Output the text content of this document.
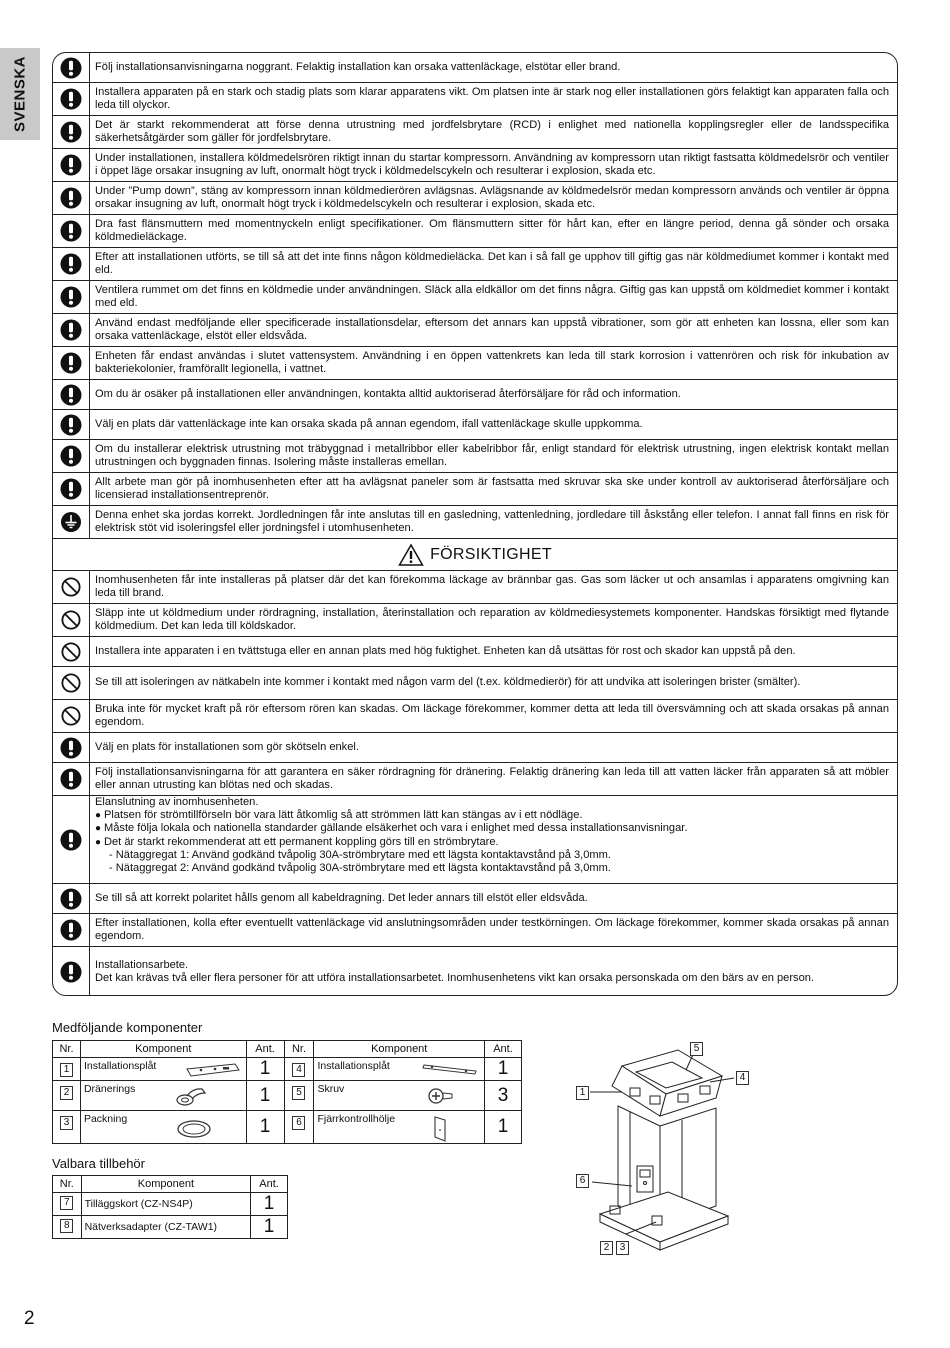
SVENSKA	Följ installationsanvisningarna noggrant. Felaktig installation kan orsaka vattenläckage, elstötar eller brand.
Installera apparaten på en stark och stadig plats som klarar apparatens vikt. Om platsen inte är stark nog eller installationen görs felaktigt kan apparaten falla och leda till olyckor.
Det är starkt rekommenderat att förse denna utrustning med jordfelsbrytare (RCD) i enlighet med nationella kopplingsregler eller de landsspecifika säkerhetsåtgärder som gäller för jordfelsbrytare.
Under installationen, installera köldmedelsrören riktigt innan du startar kompressorn. Användning av kompressorn utan riktigt fastsatta köldmedelsrör och ventiler i öppet läge orsakar insugning av luft, onormalt högt tryck i köldmedelscykeln och resulterar i explosion, skada etc.
Under ”Pump down”, stäng av kompressorn innan köldmedierören avlägsnas. Avlägsnande av köldmedelsrör medan kompressorn används och ventiler är öppna orsakar insugning av luft, onormalt högt tryck i köldmedelscykeln och resulterar i explosion, skada etc.
Dra fast flänsmuttern med momentnyckeln enligt specifikationer. Om flänsmuttern sitter för hårt kan, efter en längre period, denna gå sönder och orsaka köldmedieläckage.
Efter att installationen utförts, se till så att det inte finns någon köldmedieläcka. Det kan i så fall ge upphov till giftig gas när köldmediumet kommer i kontakt med eld.
Ventilera rummet om det finns en köldmedie under användningen. Släck alla eldkällor om det finns några. Giftig gas kan uppstå om köldmediet kommer i kontakt med eld.
Använd endast medföljande eller specificerade installationsdelar, eftersom det annars kan uppstå vibrationer, som gör att enheten kan lossna, eller som kan orsaka vattenläckage, elstöt eller eldsvåda.
Enheten får endast användas i slutet vattensystem. Användning i en öppen vattenkrets kan leda till stark korrosion i vattenrören och risk för inkubation av bakteriekolonier, framförallt legionella, i vattnet.
Om du är osäker på installationen eller användningen, kontakta alltid auktoriserad återförsäljare för råd och information.
Välj en plats där vattenläckage inte kan orsaka skada på annan egendom, ifall vattenläckage skulle uppkomma.
Om du installerar elektrisk utrustning mot träbyggnad i metallribbor eller kabelribbor får, enligt standard för elektrisk utrustning, ingen elektrisk kontakt mellan utrustningen och byggnaden finnas. Isolering måste installeras emellan.
Allt arbete man gör på inomhusenheten efter att ha avlägsnat paneler som är fastsatta med skruvar ska ske under kontroll av auktoriserad återförsäljare och licensierad installationsentreprenör.
Denna enhet ska jordas korrekt. Jordledningen får inte anslutas till en gasledning, vattenledning, jordledare till åskstång eller telefon. I annat fall finns en risk för elektrisk stöt vid isoleringsfel eller jordningsfel i utomhusenheten.
FÖRSIKTIGHET
Inomhusenheten får inte installeras på platser där det kan förekomma läckage av brännbar gas. Gas som läcker ut och ansamlas i apparatens omgivning kan leda till brand.
Släpp inte ut köldmedium under rördragning, installation, återinstallation och reparation av köldmediesystemets komponenter. Handskas försiktigt med flytande köldmedium. Det kan leda till köldskador.
Installera inte apparaten i en tvättstuga eller en annan plats med hög fuktighet. Enheten kan då utsättas för rost och skador kan uppstå på den.
Se till att isoleringen av nätkabeln inte kommer i kontakt med någon varm del (t.ex. köldmedierör) för att undvika att isoleringen brister (smälter).
Bruka inte för mycket kraft på rör eftersom rören kan skadas. Om läckage förekommer, kommer detta att leda till översvämning och att skada orsakas på annan egendom.
Välj en plats för installationen som gör skötseln enkel.
Följ installationsanvisningarna för att garantera en säker rördragning för dränering. Felaktig dränering kan leda till att vatten läcker från apparaten så att möbler eller annan utrusting kan blötas ned och skadas.
Elanslutning av inomhusenheten.
● Platsen för strömtillförseln bör vara lätt åtkomlig så att strömmen lätt kan stängas av i ett nödläge.
● Måste följa lokala och nationella standarder gällande elsäkerhet och vara i enlighet med dessa installationsanvisningar.
● Det är starkt rekommenderat att ett permanent koppling görs till en strömbrytare.
- Nätaggregat 1: Använd godkänd tvåpolig 30A-strömbrytare med ett lägsta kontaktavstånd på 3,0mm.
- Nätaggregat 2: Använd godkänd tvåpolig 30A-strömbrytare med ett lägsta kontaktavstånd på 3,0mm.
Se till så att korrekt polaritet hålls genom all kabeldragning. Det leder annars till elstöt eller eldsvåda.
Efter installationen, kolla efter eventuellt vattenläckage vid anslutningsområden under testkörningen. Om läckage förekommer, kommer skada orsakas på annan egendom.
Installationsarbete.
Det kan krävas två eller flera personer för att utföra installationsarbetet. Inomhusenhetens vikt kan orsaka personskada om den bärs av en person.
Medföljande komponenter
Nr.	Komponent	Ant.	Nr.	Komponent	Ant.
1	Installationsplåt	1	4	Installationsplåt	1
2	Dränerings	1	5	Skruv	3
3	Packning	1	6	Fjärrkontrollhölje	1
Valbara tillbehör
Nr.	Komponent	Ant.
7	Tilläggskort (CZ-NS4P)	1
8	Nätverksadapter (CZ-TAW1)	1
1
2	3
4
5
6
2
